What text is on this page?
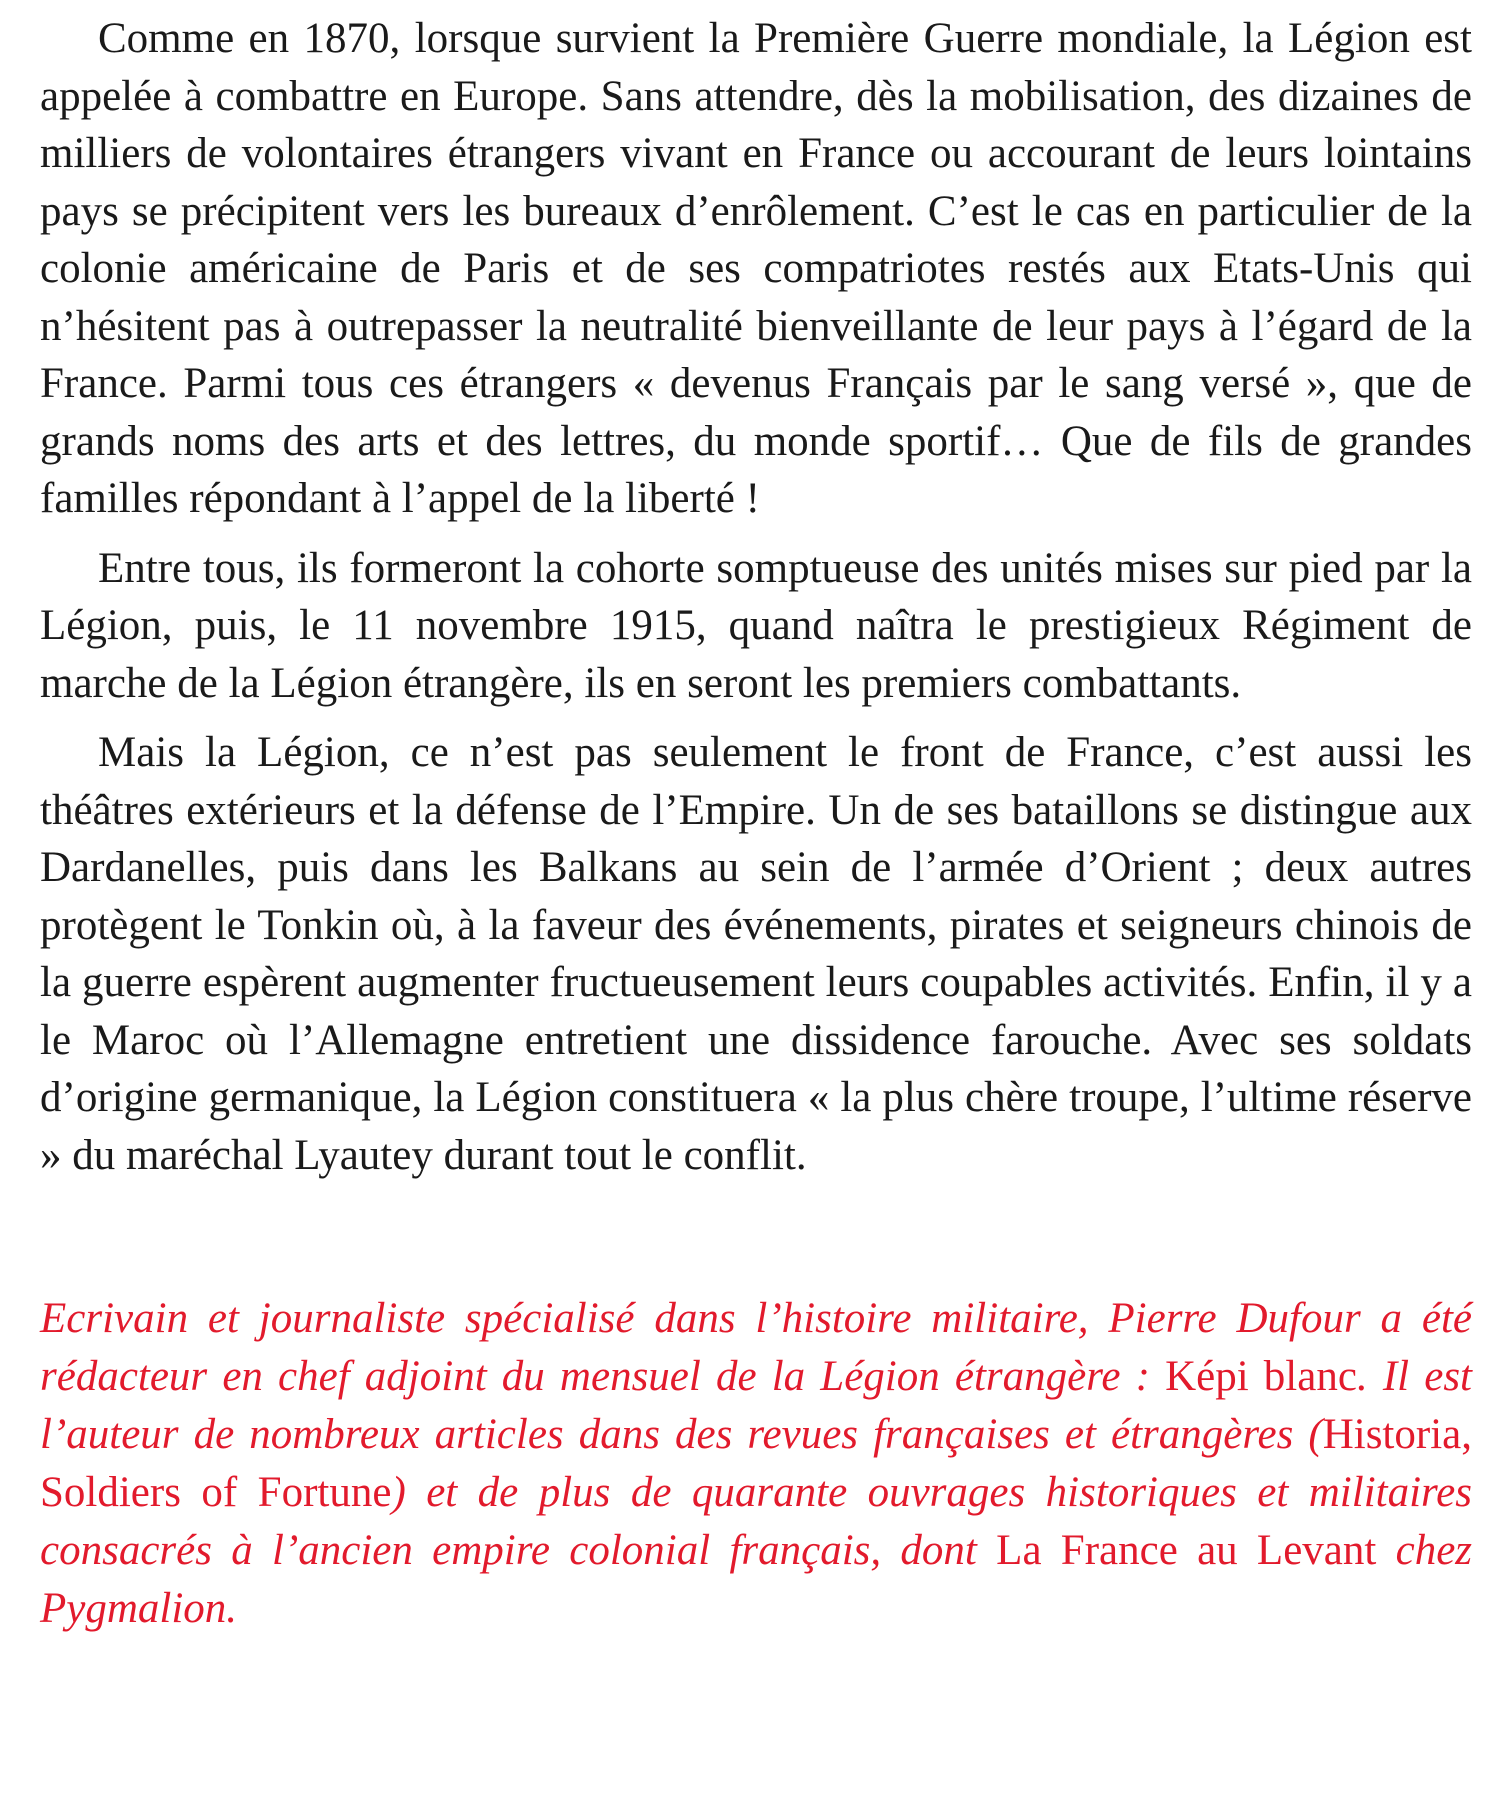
Comme en 1870, lorsque survient la Première Guerre mondiale, la Légion est appelée à combattre en Europe. Sans attendre, dès la mobilisation, des dizaines de milliers de volontaires étrangers vivant en France ou accourant de leurs lointains pays se précipitent vers les bureaux d’enrôlement. C’est le cas en particulier de la colonie américaine de Paris et de ses compatriotes restés aux Etats-Unis qui n’hésitent pas à outrepasser la neutralité bienveillante de leur pays à l’égard de la France. Parmi tous ces étrangers « devenus Français par le sang versé », que de grands noms des arts et des lettres, du monde sportif… Que de fils de grandes familles répondant à l’appel de la liberté !

Entre tous, ils formeront la cohorte somptueuse des unités mises sur pied par la Légion, puis, le 11 novembre 1915, quand naîtra le prestigieux Régiment de marche de la Légion étrangère, ils en seront les premiers combattants.

Mais la Légion, ce n’est pas seulement le front de France, c’est aussi les théâtres extérieurs et la défense de l’Empire. Un de ses bataillons se distingue aux Dardanelles, puis dans les Balkans au sein de l’armée d’Orient ; deux autres protègent le Tonkin où, à la faveur des événements, pirates et seigneurs chinois de la guerre espèrent augmenter fructueusement leurs coupables activités. Enfin, il y a le Maroc où l’Allemagne entretient une dissidence farouche. Avec ses soldats d’origine germanique, la Légion constituera « la plus chère troupe, l’ultime réserve » du maréchal Lyautey durant tout le conflit.

Ecrivain et journaliste spécialisé dans l’histoire militaire, Pierre Dufour a été rédacteur en chef adjoint du mensuel de la Légion étrangère : Képi blanc. Il est l’auteur de nombreux articles dans des revues françaises et étrangères (Historia, Soldiers of Fortune) et de plus de quarante ouvrages historiques et militaires consacrés à l’ancien empire colonial français, dont La France au Levant chez Pygmalion.
